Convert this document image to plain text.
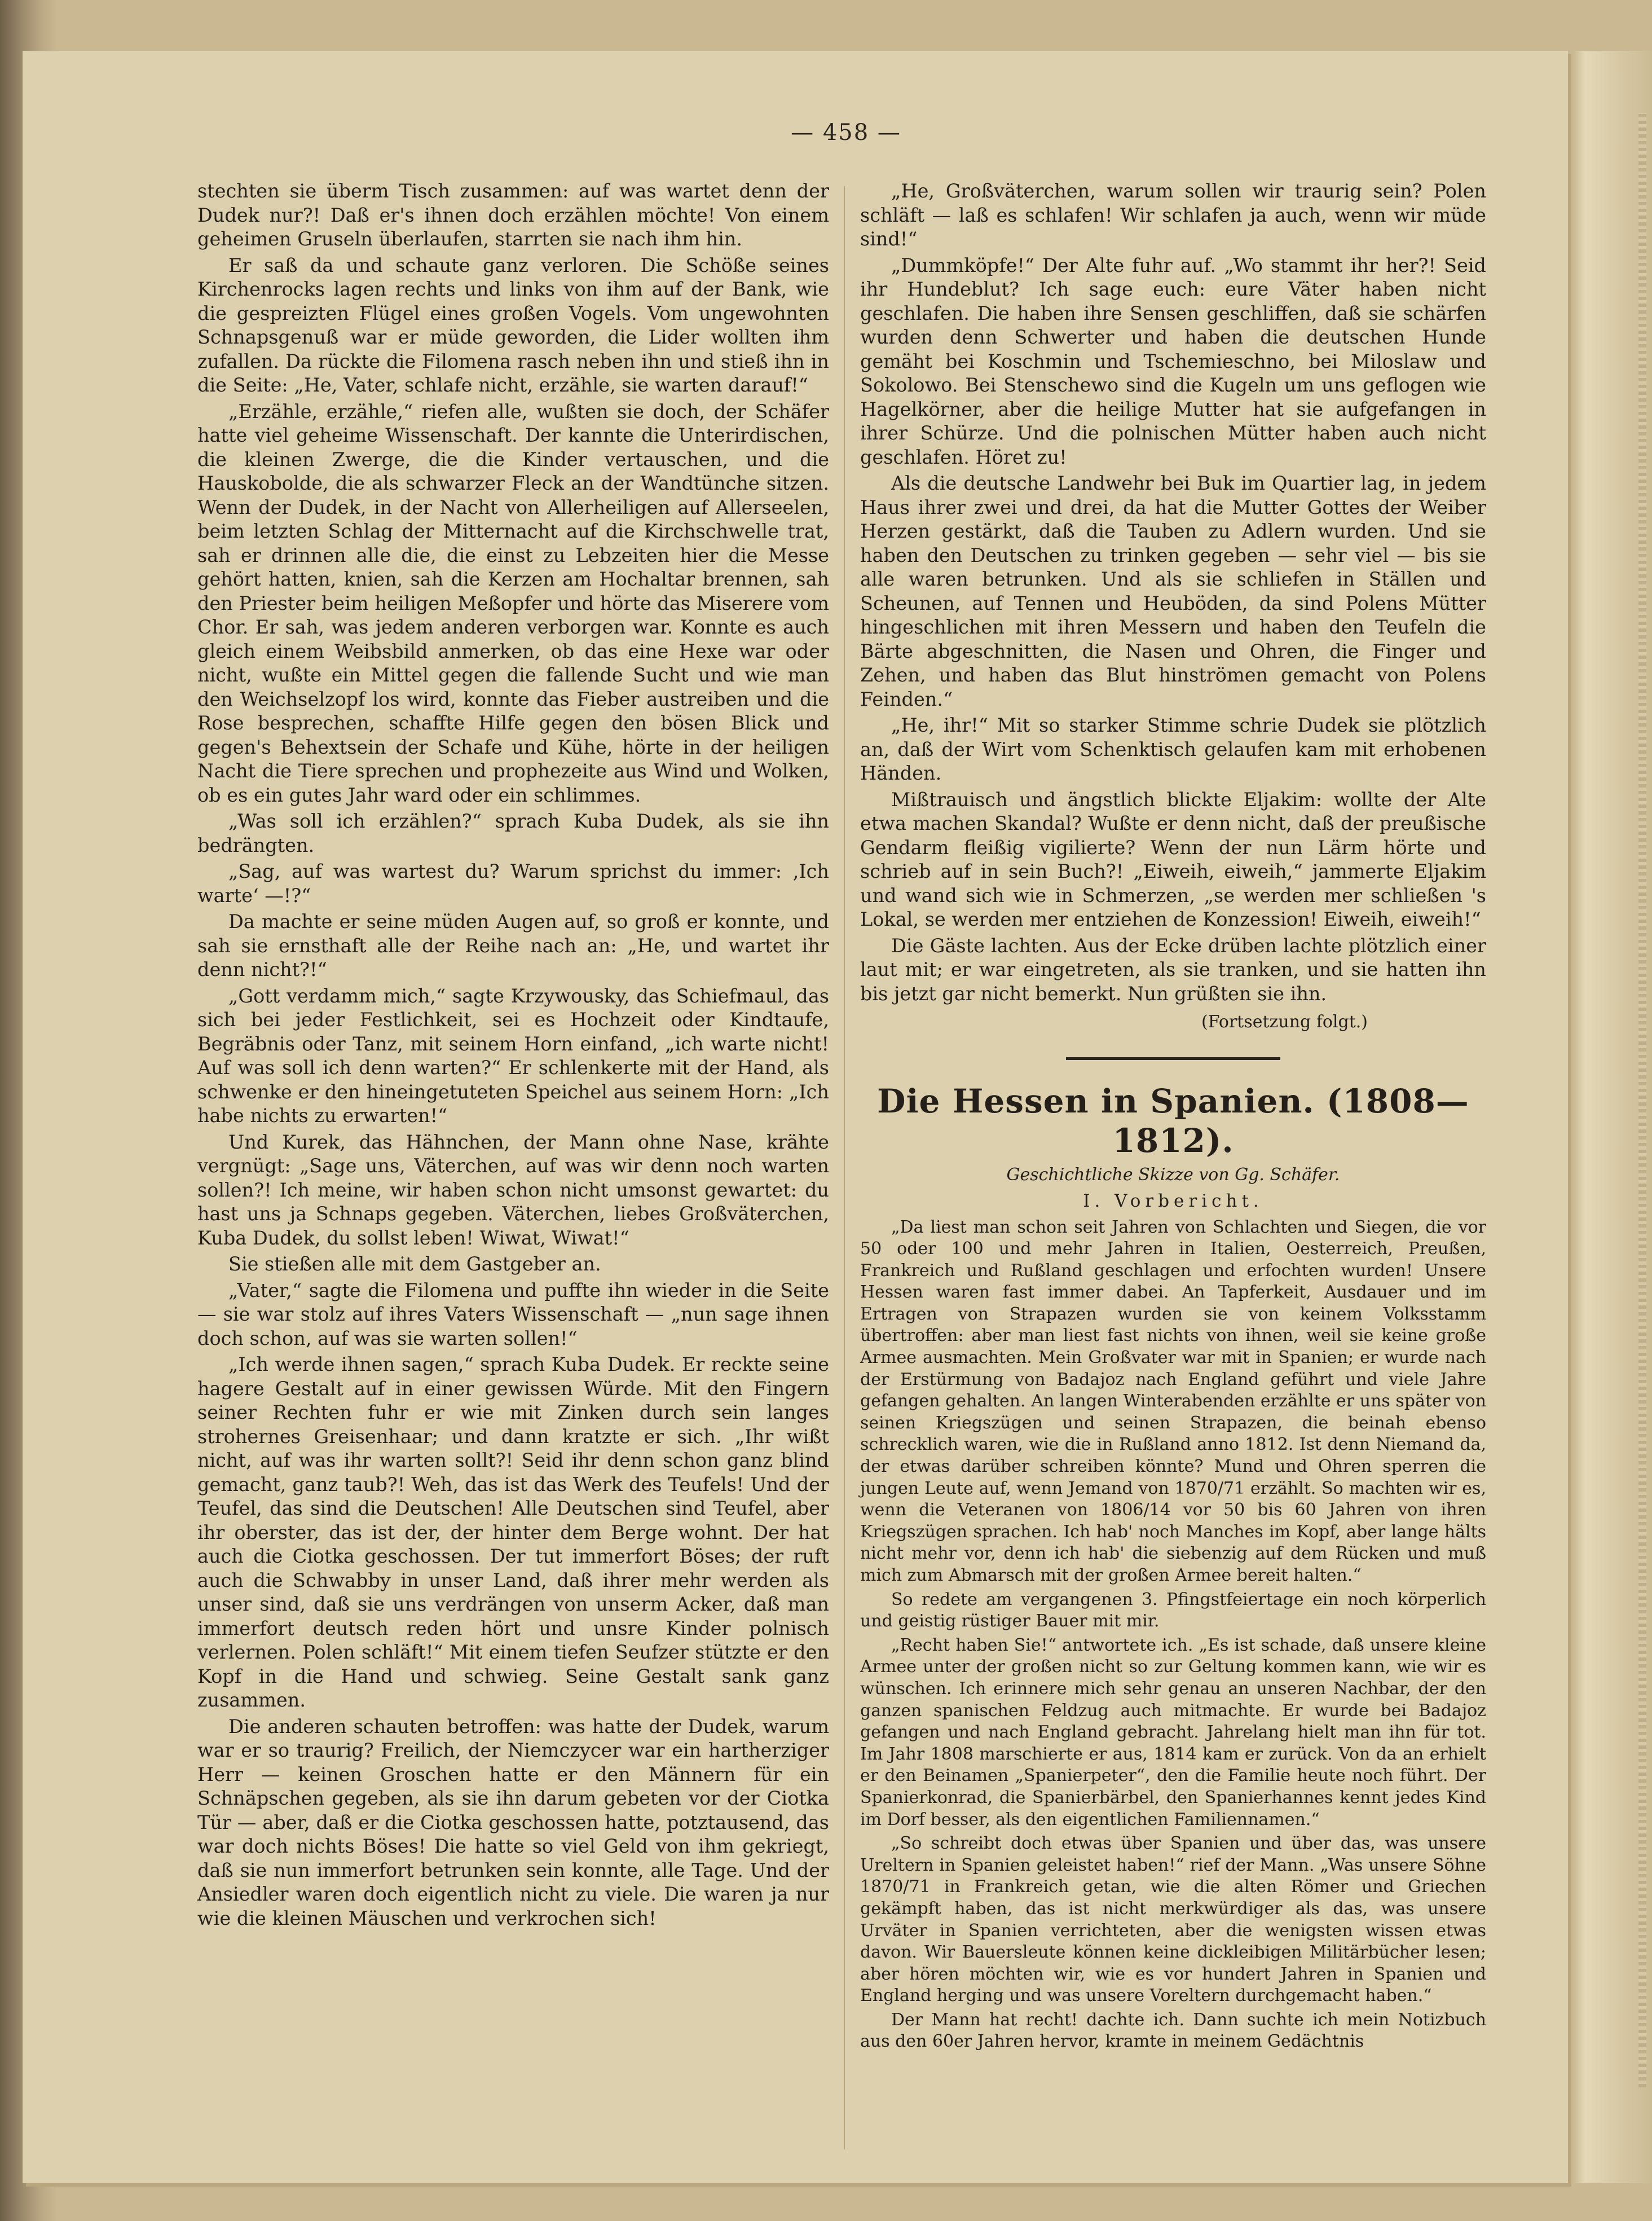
— 458 —

stechten sie überm Tisch zusammen: auf was wartet denn der Dudek nur?! Daß er's ihnen doch erzählen möchte! Von einem geheimen Gruseln überlaufen, starrten sie nach ihm hin.

Er saß da und schaute ganz verloren. Die Schöße seines Kirchenrocks lagen rechts und links von ihm auf der Bank, wie die gespreizten Flügel eines großen Vogels. Vom ungewohnten Schnapsgenuß war er müde geworden, die Lider wollten ihm zufallen. Da rückte die Filomena rasch neben ihn und stieß ihn in die Seite: „He, Vater, schlafe nicht, erzähle, sie warten darauf!“

„Erzähle, erzähle,“ riefen alle, wußten sie doch, der Schäfer hatte viel geheime Wissenschaft. Der kannte die Unterirdischen, die kleinen Zwerge, die die Kinder vertauschen, und die Hauskobolde, die als schwarzer Fleck an der Wandtünche sitzen. Wenn der Dudek, in der Nacht von Allerheiligen auf Allerseelen, beim letzten Schlag der Mitternacht auf die Kirchschwelle trat, sah er drinnen alle die, die einst zu Lebzeiten hier die Messe gehört hatten, knien, sah die Kerzen am Hochaltar brennen, sah den Priester beim heiligen Meßopfer und hörte das Miserere vom Chor. Er sah, was jedem anderen verborgen war. Konnte es auch gleich einem Weibsbild anmerken, ob das eine Hexe war oder nicht, wußte ein Mittel gegen die fallende Sucht und wie man den Weichselzopf los wird, konnte das Fieber austreiben und die Rose besprechen, schaffte Hilfe gegen den bösen Blick und gegen's Behextsein der Schafe und Kühe, hörte in der heiligen Nacht die Tiere sprechen und prophezeite aus Wind und Wolken, ob es ein gutes Jahr ward oder ein schlimmes.

„Was soll ich erzählen?“ sprach Kuba Dudek, als sie ihn bedrängten.

„Sag, auf was wartest du? Warum sprichst du immer: ,Ich warte‘ —!?“

Da machte er seine müden Augen auf, so groß er konnte, und sah sie ernsthaft alle der Reihe nach an: „He, und wartet ihr denn nicht?!“

„Gott verdamm mich,“ sagte Krzywousky, das Schiefmaul, das sich bei jeder Festlichkeit, sei es Hochzeit oder Kindtaufe, Begräbnis oder Tanz, mit seinem Horn einfand, „ich warte nicht! Auf was soll ich denn warten?“ Er schlenkerte mit der Hand, als schwenke er den hineingetuteten Speichel aus seinem Horn: „Ich habe nichts zu erwarten!“

Und Kurek, das Hähnchen, der Mann ohne Nase, krähte vergnügt: „Sage uns, Väterchen, auf was wir denn noch warten sollen?! Ich meine, wir haben schon nicht umsonst gewartet: du hast uns ja Schnaps gegeben. Väterchen, liebes Großväterchen, Kuba Dudek, du sollst leben! Wiwat, Wiwat!“

Sie stießen alle mit dem Gastgeber an.

„Vater,“ sagte die Filomena und puffte ihn wieder in die Seite — sie war stolz auf ihres Vaters Wissenschaft — „nun sage ihnen doch schon, auf was sie warten sollen!“

„Ich werde ihnen sagen,“ sprach Kuba Dudek. Er reckte seine hagere Gestalt auf in einer gewissen Würde. Mit den Fingern seiner Rechten fuhr er wie mit Zinken durch sein langes strohernes Greisenhaar; und dann kratzte er sich. „Ihr wißt nicht, auf was ihr warten sollt?! Seid ihr denn schon ganz blind gemacht, ganz taub?! Weh, das ist das Werk des Teufels! Und der Teufel, das sind die Deutschen! Alle Deutschen sind Teufel, aber ihr oberster, das ist der, der hinter dem Berge wohnt. Der hat auch die Ciotka geschossen. Der tut immerfort Böses; der ruft auch die Schwabby in unser Land, daß ihrer mehr werden als unser sind, daß sie uns verdrängen von unserm Acker, daß man immerfort deutsch reden hört und unsre Kinder polnisch verlernen. Polen schläft!“ Mit einem tiefen Seufzer stützte er den Kopf in die Hand und schwieg. Seine Gestalt sank ganz zusammen.

Die anderen schauten betroffen: was hatte der Dudek, warum war er so traurig? Freilich, der Niemczycer war ein hartherziger Herr — keinen Groschen hatte er den Männern für ein Schnäpschen gegeben, als sie ihn darum gebeten vor der Ciotka Tür — aber, daß er die Ciotka geschossen hatte, potztausend, das war doch nichts Böses! Die hatte so viel Geld von ihm gekriegt, daß sie nun immerfort betrunken sein konnte, alle Tage. Und der Ansiedler waren doch eigentlich nicht zu viele. Die waren ja nur wie die kleinen Mäuschen und verkrochen sich!

„He, Großväterchen, warum sollen wir traurig sein? Polen schläft — laß es schlafen! Wir schlafen ja auch, wenn wir müde sind!“

„Dummköpfe!“ Der Alte fuhr auf. „Wo stammt ihr her?! Seid ihr Hundeblut? Ich sage euch: eure Väter haben nicht geschlafen. Die haben ihre Sensen geschliffen, daß sie schärfen wurden denn Schwerter und haben die deutschen Hunde gemäht bei Koschmin und Tschemieschno, bei Miloslaw und Sokolowo. Bei Stenschewo sind die Kugeln um uns geflogen wie Hagelkörner, aber die heilige Mutter hat sie aufgefangen in ihrer Schürze. Und die polnischen Mütter haben auch nicht geschlafen. Höret zu!

Als die deutsche Landwehr bei Buk im Quartier lag, in jedem Haus ihrer zwei und drei, da hat die Mutter Gottes der Weiber Herzen gestärkt, daß die Tauben zu Adlern wurden. Und sie haben den Deutschen zu trinken gegeben — sehr viel — bis sie alle waren betrunken. Und als sie schliefen in Ställen und Scheunen, auf Tennen und Heuböden, da sind Polens Mütter hingeschlichen mit ihren Messern und haben den Teufeln die Bärte abgeschnitten, die Nasen und Ohren, die Finger und Zehen, und haben das Blut hinströmen gemacht von Polens Feinden.“

„He, ihr!“ Mit so starker Stimme schrie Dudek sie plötzlich an, daß der Wirt vom Schenktisch gelaufen kam mit erhobenen Händen.

Mißtrauisch und ängstlich blickte Eljakim: wollte der Alte etwa machen Skandal? Wußte er denn nicht, daß der preußische Gendarm fleißig vigilierte? Wenn der nun Lärm hörte und schrieb auf in sein Buch?! „Eiweih, eiweih,“ jammerte Eljakim und wand sich wie in Schmerzen, „se werden mer schließen 's Lokal, se werden mer entziehen de Konzession! Eiweih, eiweih!“

Die Gäste lachten. Aus der Ecke drüben lachte plötzlich einer laut mit; er war eingetreten, als sie tranken, und sie hatten ihn bis jetzt gar nicht bemerkt. Nun grüßten sie ihn.

(Fortsetzung folgt.)
Die Hessen in Spanien. (1808—1812).
Geschichtliche Skizze von Gg. Schäfer.
I. Vorbericht.

„Da liest man schon seit Jahren von Schlachten und Siegen, die vor 50 oder 100 und mehr Jahren in Italien, Oesterreich, Preußen, Frankreich und Rußland geschlagen und erfochten wurden! Unsere Hessen waren fast immer dabei. An Tapferkeit, Ausdauer und im Ertragen von Strapazen wurden sie von keinem Volksstamm übertroffen: aber man liest fast nichts von ihnen, weil sie keine große Armee ausmachten. Mein Großvater war mit in Spanien; er wurde nach der Erstürmung von Badajoz nach England geführt und viele Jahre gefangen gehalten. An langen Winterabenden erzählte er uns später von seinen Kriegszügen und seinen Strapazen, die beinah ebenso schrecklich waren, wie die in Rußland anno 1812. Ist denn Niemand da, der etwas darüber schreiben könnte? Mund und Ohren sperren die jungen Leute auf, wenn Jemand von 1870/71 erzählt. So machten wir es, wenn die Veteranen von 1806/14 vor 50 bis 60 Jahren von ihren Kriegszügen sprachen. Ich hab' noch Manches im Kopf, aber lange hälts nicht mehr vor, denn ich hab' die siebenzig auf dem Rücken und muß mich zum Abmarsch mit der großen Armee bereit halten.“

So redete am vergangenen 3. Pfingstfeiertage ein noch körperlich und geistig rüstiger Bauer mit mir.

„Recht haben Sie!“ antwortete ich. „Es ist schade, daß unsere kleine Armee unter der großen nicht so zur Geltung kommen kann, wie wir es wünschen. Ich erinnere mich sehr genau an unseren Nachbar, der den ganzen spanischen Feldzug auch mitmachte. Er wurde bei Badajoz gefangen und nach England gebracht. Jahrelang hielt man ihn für tot. Im Jahr 1808 marschierte er aus, 1814 kam er zurück. Von da an erhielt er den Beinamen „Spanierpeter“, den die Familie heute noch führt. Der Spanierkonrad, die Spanierbärbel, den Spanierhannes kennt jedes Kind im Dorf besser, als den eigentlichen Familiennamen.“

„So schreibt doch etwas über Spanien und über das, was unsere Ureltern in Spanien geleistet haben!“ rief der Mann. „Was unsere Söhne 1870/71 in Frankreich getan, wie die alten Römer und Griechen gekämpft haben, das ist nicht merkwürdiger als das, was unsere Urväter in Spanien verrichteten, aber die wenigsten wissen etwas davon. Wir Bauersleute können keine dickleibigen Militärbücher lesen; aber hören möchten wir, wie es vor hundert Jahren in Spanien und England herging und was unsere Voreltern durchgemacht haben.“

Der Mann hat recht! dachte ich. Dann suchte ich mein Notizbuch aus den 60er Jahren hervor, kramte in meinem Gedächtnis
